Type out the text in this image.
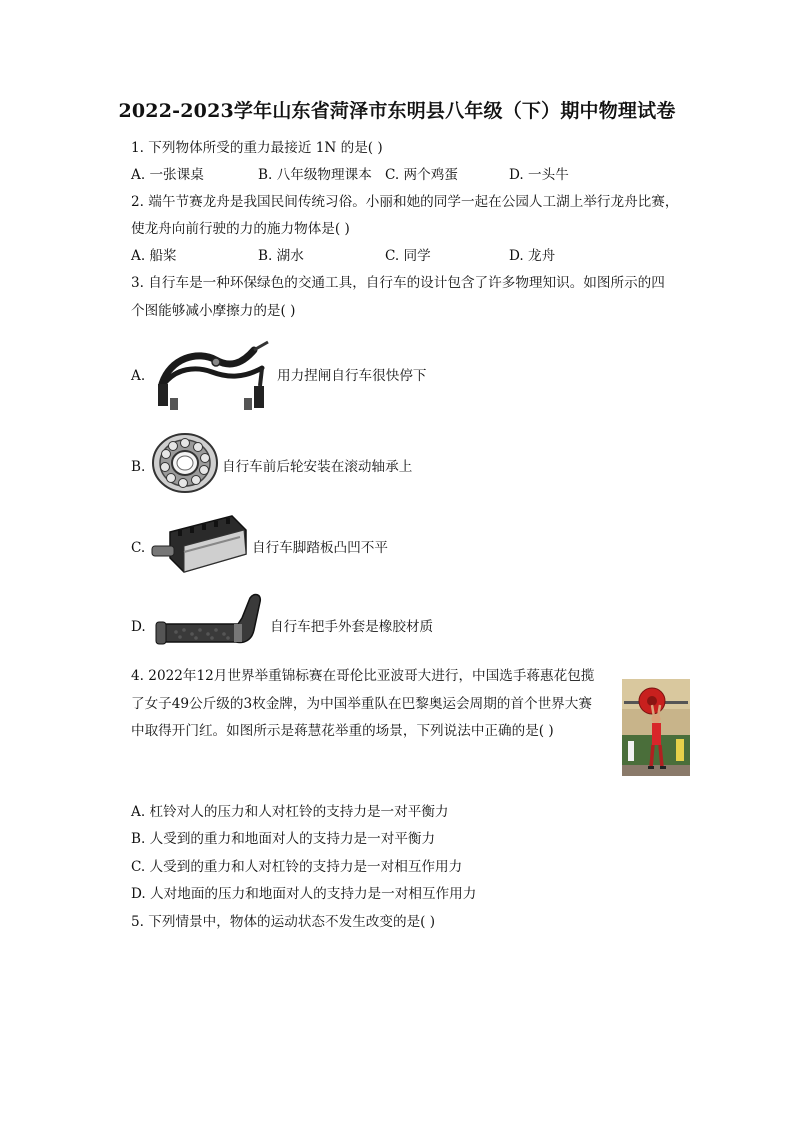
2022-2023学年山东省菏泽市东明县八年级（下）期中物理试卷
1. 下列物体所受的重力最接近 1N 的是( )
A. 一张课桌	B. 八年级物理课本 C. 两个鸡蛋	D. 一头牛
2. 端午节赛龙舟是我国民间传统习俗。小丽和她的同学一起在公园人工湖上举行龙舟比赛，
使龙舟向前行驶的力的施力物体是( )
A. 船桨	B. 湖水	C. 同学	D. 龙舟
3. 自行车是一种环保绿色的交通工具，自行车的设计包含了许多物理知识。如图所示的四
个图能够减小摩擦力的是( )
A.	用力捏闸自行车很快停下
B.	自行车前后轮安装在滚动轴承上
C.	自行车脚踏板凸凹不平
D.	自行车把手外套是橡胶材质
4. 2022年12月世界举重锦标赛在哥伦比亚波哥大进行，中国选手蒋惠花包揽
了女子49公斤级的3枚金牌，为中国举重队在巴黎奥运会周期的首个世界大赛
中取得开门红。如图所示是蒋慧花举重的场景，下列说法中正确的是( )
A. 杠铃对人的压力和人对杠铃的支持力是一对平衡力
B. 人受到的重力和地面对人的支持力是一对平衡力
C. 人受到的重力和人对杠铃的支持力是一对相互作用力
D. 人对地面的压力和地面对人的支持力是一对相互作用力
5. 下列情景中，物体的运动状态不发生改变的是( )
